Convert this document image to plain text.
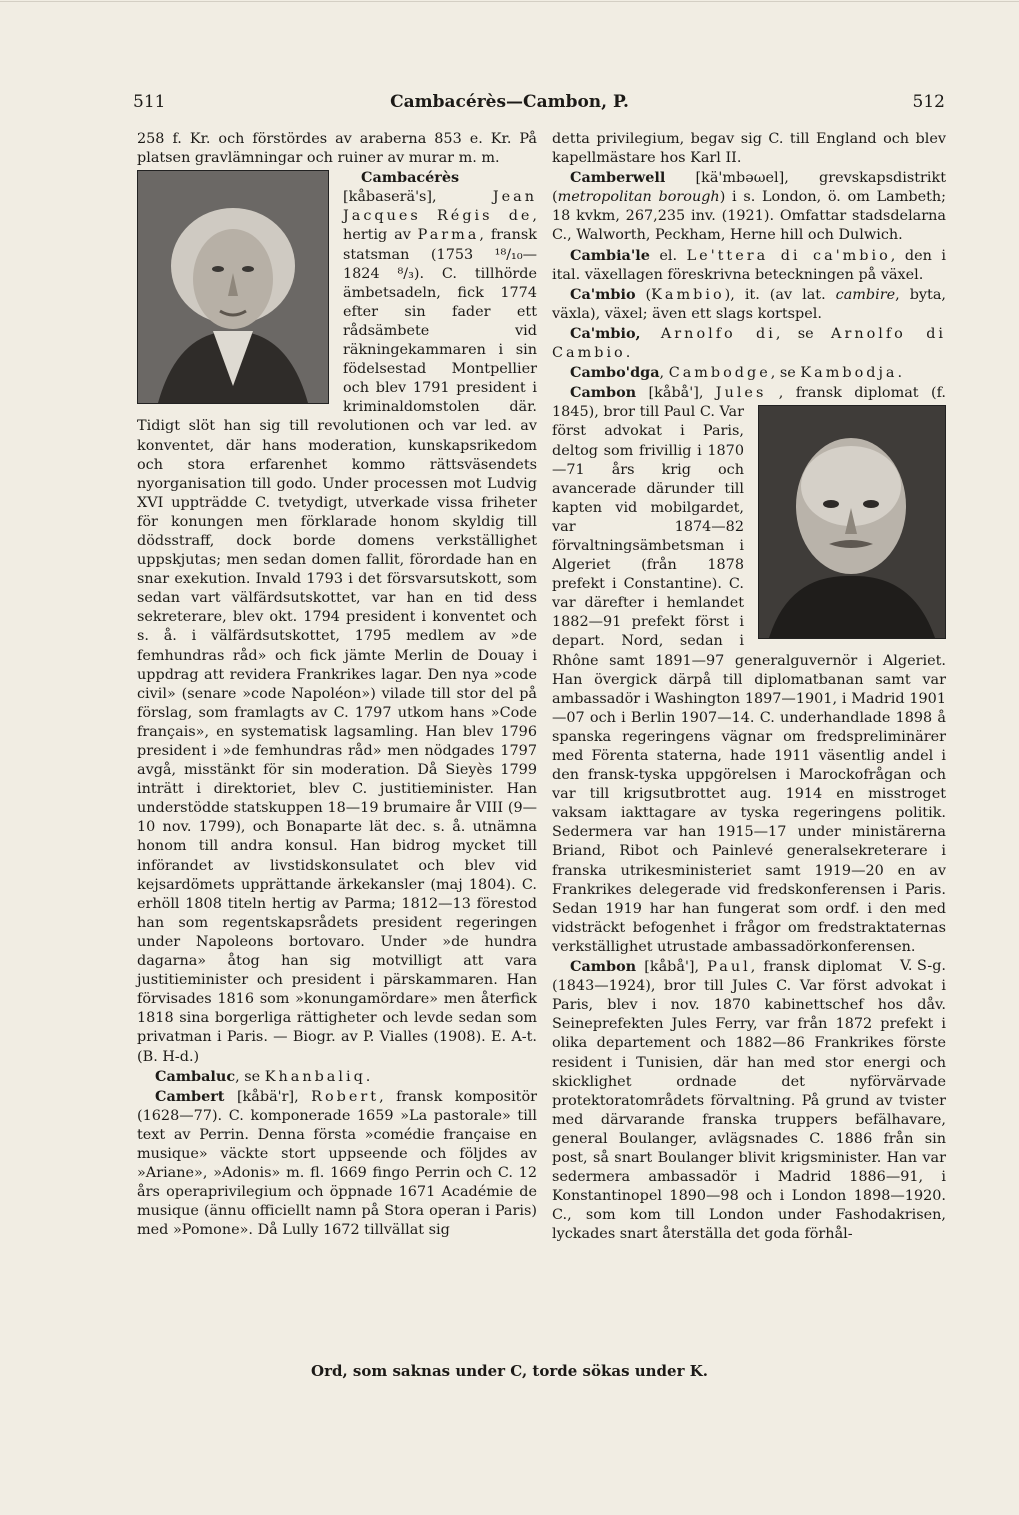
511	Cambacérès—Cambon, P.	512

258 f. Kr. och förstördes av araberna 853 e. Kr. På platsen gravlämningar och ruiner av murar m. m.

Cambacérès [kåbaserä's], Jean Jacques Régis de, hertig av Parma, fransk statsman (1753 ¹⁸/₁₀—1824 ⁸/₃). C. tillhörde ämbetsadeln, fick 1774 efter sin fader ett rådsämbete vid räkningekammaren i sin födelsestad Montpellier och blev 1791 president i kriminaldomstolen där. Tidigt slöt han sig till revolutionen och var led. av konventet, där hans moderation, kunskapsrikedom och stora erfarenhet kommo rättsväsendets nyorganisation till godo. Under processen mot Ludvig XVI uppträdde C. tvetydigt, utverkade vissa friheter för konungen men förklarade honom skyldig till dödsstraff, dock borde domens verkställighet uppskjutas; men sedan domen fallit, förordade han en snar exekution. Invald 1793 i det försvarsutskott, som sedan vart välfärdsutskottet, var han en tid dess sekreterare, blev okt. 1794 president i konventet och s. å. i välfärdsutskottet, 1795 medlem av »de femhundras råd» och fick jämte Merlin de Douay i uppdrag att revidera Frankrikes lagar. Den nya »code civil» (senare »code Napoléon») vilade till stor del på förslag, som framlagts av C. 1797 utkom hans »Code français», en systematisk lagsamling. Han blev 1796 president i »de femhundras råd» men nödgades 1797 avgå, misstänkt för sin moderation. Då Sieyès 1799 inträtt i direktoriet, blev C. justitieminister. Han understödde statskuppen 18—19 brumaire år VIII (9—10 nov. 1799), och Bonaparte lät dec. s. å. utnämna honom till andra konsul. Han bidrog mycket till införandet av livstidskonsulatet och blev vid kejsardömets upprättande ärkekansler (maj 1804). C. erhöll 1808 titeln hertig av Parma; 1812—13 förestod han som regentskapsrådets president regeringen under Napoleons bortovaro. Under »de hundra dagarna» åtog han sig motvilligt att vara justitieminister och president i pärskammaren. Han förvisades 1816 som »konungamördare» men återfick 1818 sina borgerliga rättigheter och levde sedan som privatman i Paris. — Biogr. av P. Vialles (1908). E. A-t. (B. H-d.)

Cambaluc, se Khanbaliq.

Cambert [kåbä'r], Robert, fransk kompositör (1628—77). C. komponerade 1659 »La pastorale» till text av Perrin. Denna första »comédie française en musique» väckte stort uppseende och följdes av »Ariane», »Adonis» m. fl. 1669 fingo Perrin och C. 12 års operaprivilegium och öppnade 1671 Académie de musique (ännu officiellt namn på Stora operan i Paris) med »Pomone». Då Lully 1672 tillvällat sig

detta privilegium, begav sig C. till England och blev kapellmästare hos Karl II.

Camberwell [kä'mbəωel], grevskapsdistrikt (metropolitan borough) i s. London, ö. om Lambeth; 18 kvkm, 267,235 inv. (1921). Omfattar stadsdelarna C., Walworth, Peckham, Herne hill och Dulwich.

Cambia'le el. Le'ttera di ca'mbio, den i ital. växellagen föreskrivna beteckningen på växel.

Ca'mbio (Kambio), it. (av lat. cambire, byta, växla), växel; även ett slags kortspel.

Ca'mbio, Arnolfo di, se Arnolfo di Cambio.

Cambo'dga, Cambodge, se Kambodja.

Cambon [kåbå'], Jules , fransk diplomat (f. 1845), bror till Paul C. Var först advokat i Paris, deltog som frivillig i 1870—71 års krig och avancerade därunder till kapten vid mobilgardet, var 1874—82 förvaltningsämbetsman i Algeriet (från 1878 prefekt i Constantine). C. var därefter i hemlandet 1882—91 prefekt först i depart. Nord, sedan i Rhône samt 1891—97 generalguvernör i Algeriet. Han övergick därpå till diplomatbanan samt var ambassadör i Washington 1897—1901, i Madrid 1901—07 och i Berlin 1907—14. C. underhandlade 1898 å spanska regeringens vägnar om fredspreliminärer med Förenta staterna, hade 1911 väsentlig andel i den fransk-tyska uppgörelsen i Marockofrågan och var till krigsutbrottet aug. 1914 en misstroget vaksam iakttagare av tyska regeringens politik. Sedermera var han 1915—17 under ministärerna Briand, Ribot och Painlevé generalsekreterare i franska utrikesministeriet samt 1919—20 en av Frankrikes delegerade vid fredskonferensen i Paris. Sedan 1919 har han fungerat som ordf. i den med vidsträckt befogenhet i frågor om fredstraktaternas verkställighet utrustade ambassadörkonferensen.
V. S-g.

Cambon [kåbå'], Paul, fransk diplomat (1843—1924), bror till Jules C. Var först advokat i Paris, blev i nov. 1870 kabinettschef hos dåv. Seineprefekten Jules Ferry, var från 1872 prefekt i olika departement och 1882—86 Frankrikes förste resident i Tunisien, där han med stor energi och skicklighet ordnade det nyförvärvade protektoratområdets förvaltning. På grund av tvister med därvarande franska truppers befälhavare, general Boulanger, avlägsnades C. 1886 från sin post, så snart Boulanger blivit krigsminister. Han var sedermera ambassadör i Madrid 1886—91, i Konstantinopel 1890—98 och i London 1898—1920. C., som kom till London under Fashodakrisen, lyckades snart återställa det goda förhål-

Ord, som saknas under C, torde sökas under K.
